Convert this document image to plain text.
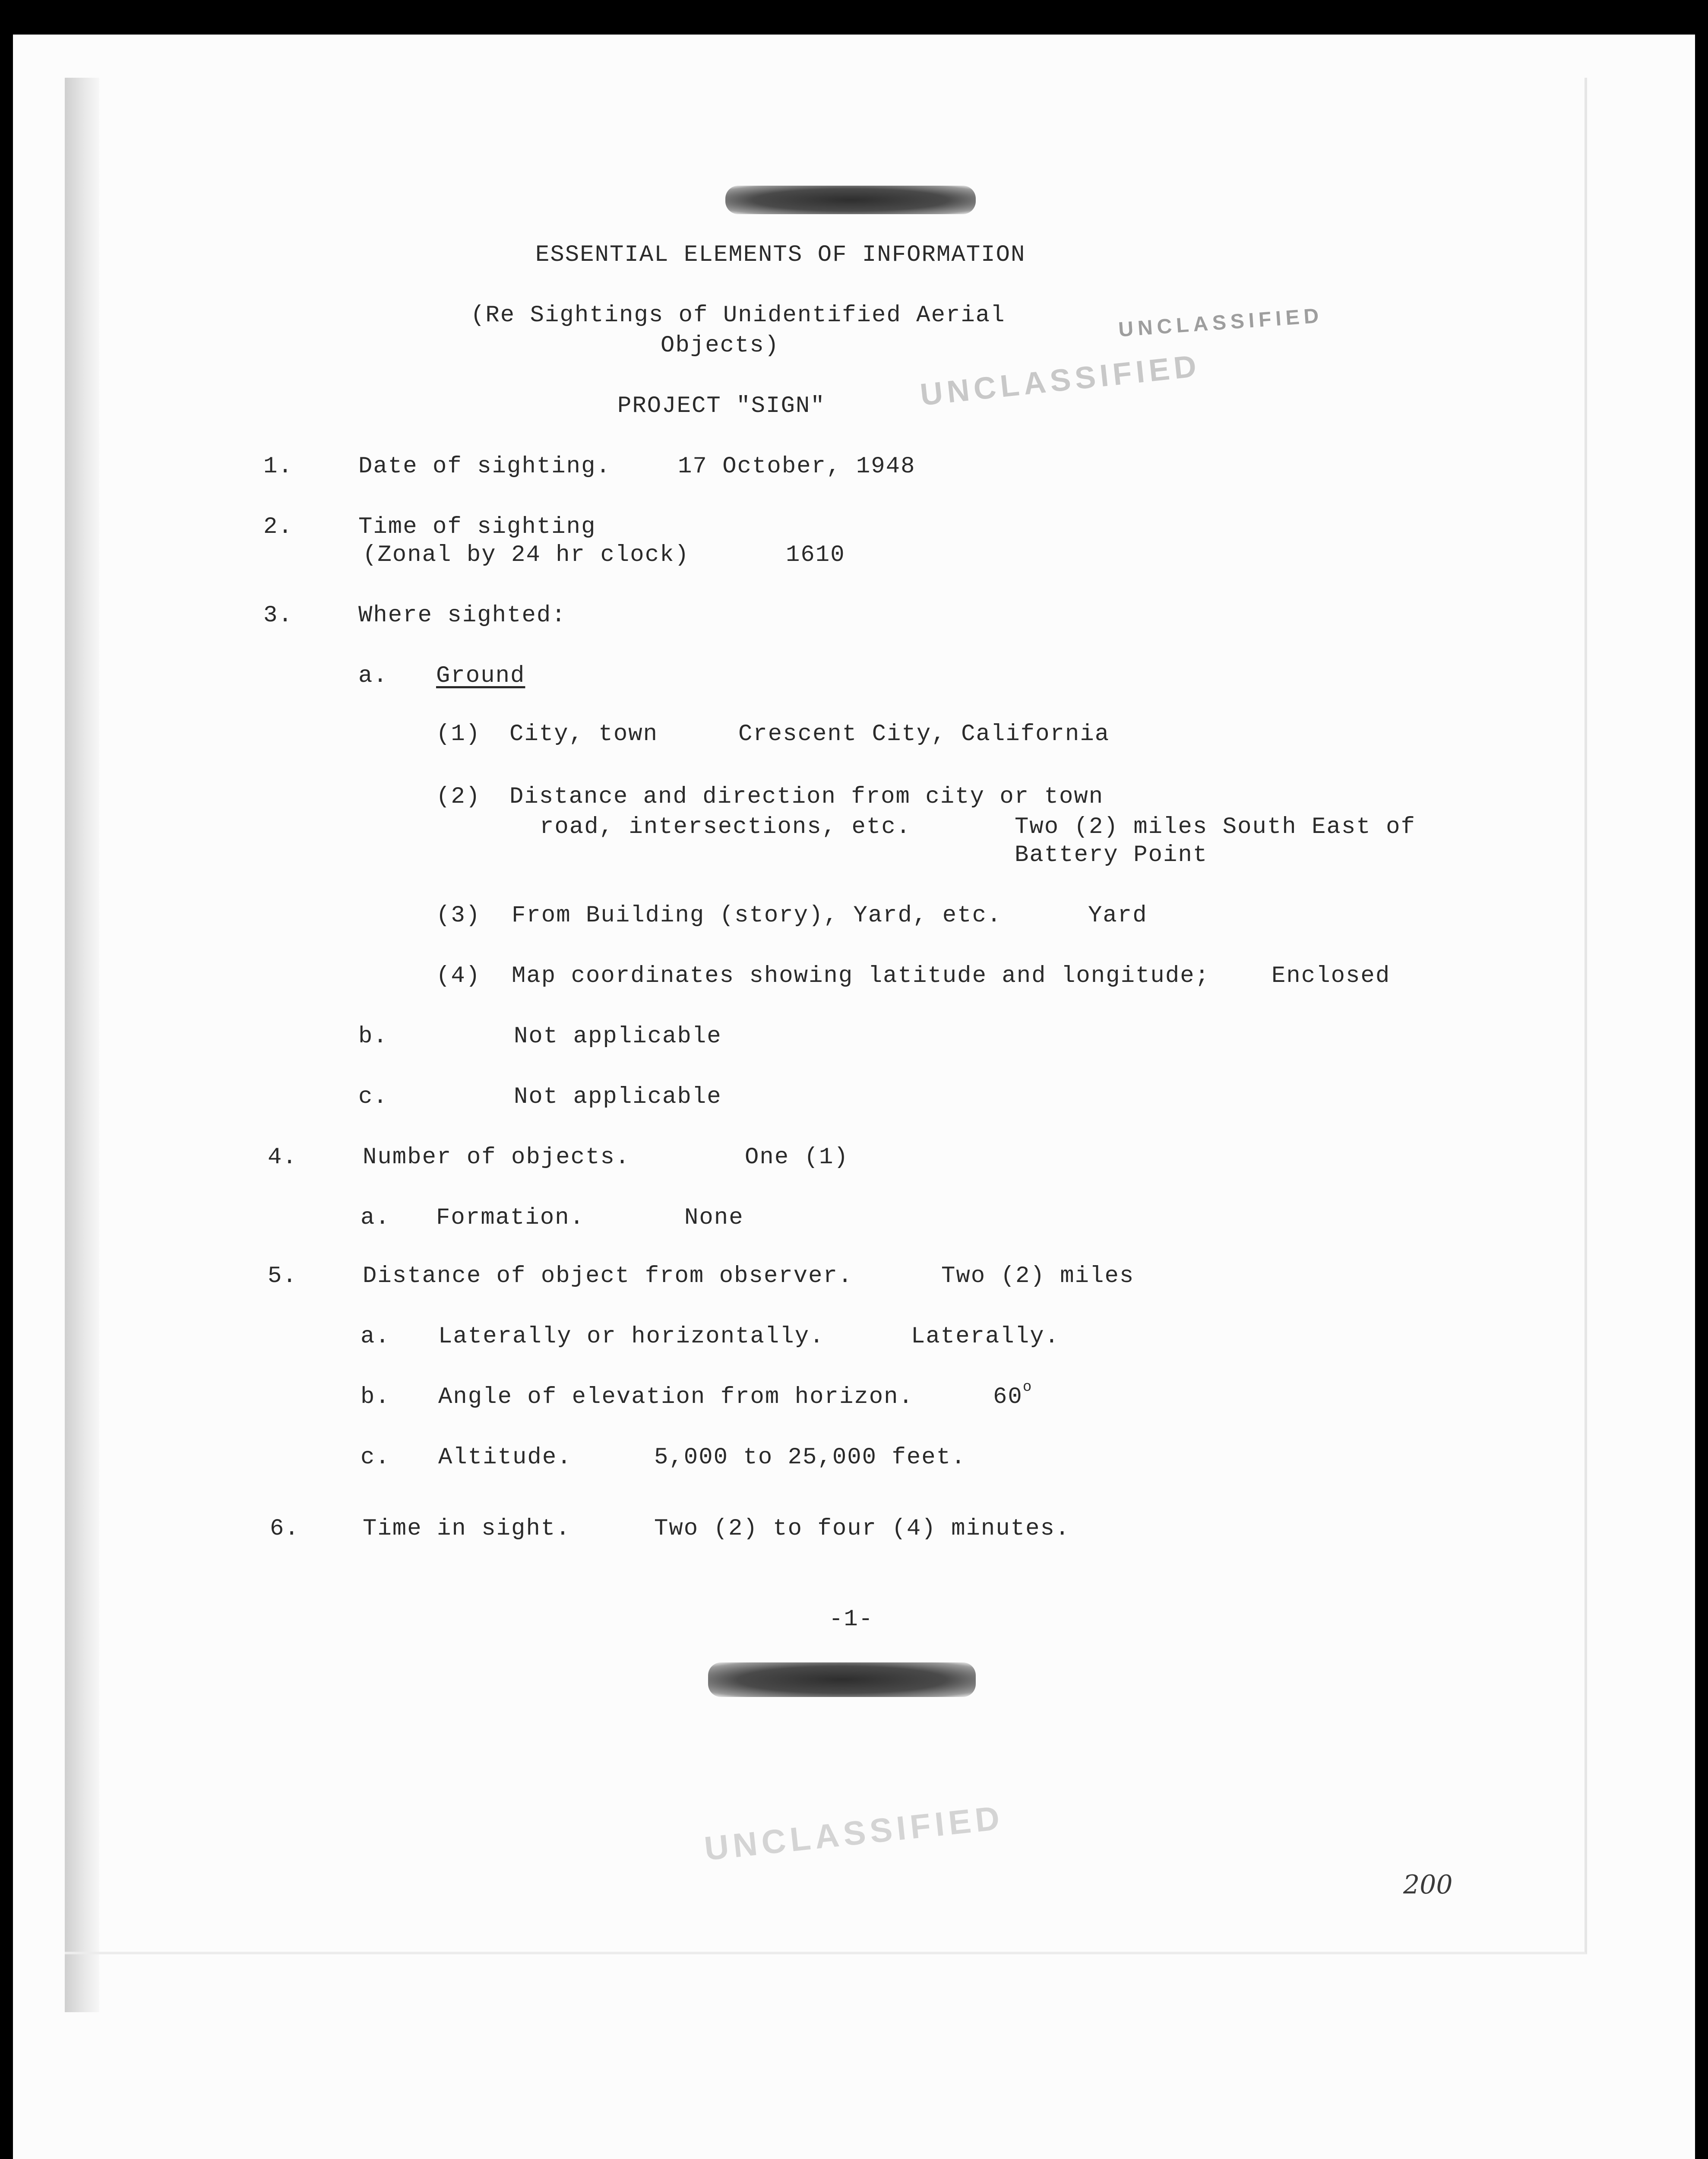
ESSENTIAL ELEMENTS OF INFORMATION
(Re Sightings of Unidentified Aerial
Objects)
UNCLASSIFIED
UNCLASSIFIED
PROJECT "SIGN"
1.	Date of sighting.	17 October, 1948
2.	Time of sighting
(Zonal by 24 hr clock)	1610
3.	Where sighted:
a. Ground
(1) City, town	Crescent City, California
(2) Distance and direction from city or town
road, intersections, etc.	Two (2) miles South East of
Battery Point
(3) From Building (story), Yard, etc.	Yard
(4) Map coordinates showing latitude and longitude;	Enclosed
b.	Not applicable
c.	Not applicable
4.	Number of objects.	One (1)
a. Formation.	None
5.	Distance of object from observer.	Two (2) miles
a. Laterally or horizontally.	Laterally.
b. Angle of elevation from horizon.	60$^o$
c. Altitude.	5,000 to 25,000 feet.
6.	Time in sight.	Two (2) to four (4) minutes.
-1-
UNCLASSIFIED
200
